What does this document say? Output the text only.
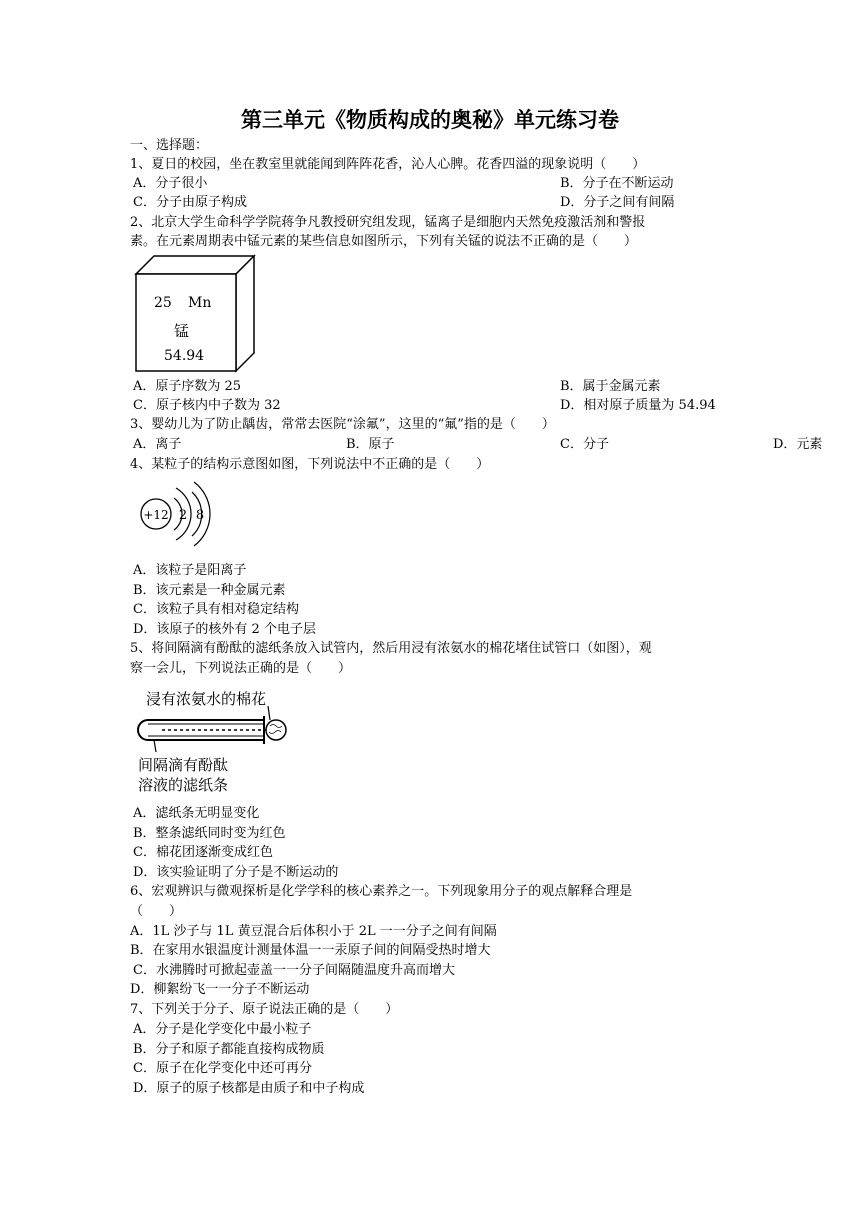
第三单元《物质构成的奥秘》单元练习卷
一、选择题：
1、夏日的校园，坐在教室里就能闻到阵阵花香，沁人心脾。花香四溢的现象说明（　　）
A．分子很小	B．分子在不断运动
C．分子由原子构成	D．分子之间有间隔
2、北京大学生命科学学院蒋争凡教授研究组发现，锰离子是细胞内天然免疫激活剂和警报
素。在元素周期表中锰元素的某些信息如图所示，下列有关锰的说法不正确的是（　　）
25 Mn
锰
54.94
A．原子序数为 25	B．属于金属元素
C．原子核内中子数为 32	D．相对原子质量为 54.94
3、婴幼儿为了防止龋齿，常常去医院“涂氟”，这里的“氟”指的是（　　）
A．离子	B．原子	C．分子	D．元素
4、某粒子的结构示意图如图，下列说法中不正确的是（　　）
+12 2 8
A．该粒子是阳离子
B．该元素是一种金属元素
C．该粒子具有相对稳定结构
D．该原子的核外有 2 个电子层
5、将间隔滴有酚酞的滤纸条放入试管内，然后用浸有浓氨水的棉花堵住试管口（如图），观
察一会儿，下列说法正确的是（　　）
浸有浓氨水的棉花
间隔滴有酚酞
溶液的滤纸条
A．滤纸条无明显变化
B．整条滤纸同时变为红色
C．棉花团逐渐变成红色
D．该实验证明了分子是不断运动的
6、宏观辨识与微观探析是化学学科的核心素养之一。下列现象用分子的观点解释合理是
（　　）
A．1L 沙子与 1L 黄豆混合后体积小于 2L 一一分子之间有间隔
B．在家用水银温度计测量体温一一汞原子间的间隔受热时增大
C．水沸腾时可掀起壶盖一一分子间隔随温度升高而增大
D．柳絮纷飞一一分子不断运动
7、下列关于分子、原子说法正确的是（　　）
A．分子是化学变化中最小粒子
B．分子和原子都能直接构成物质
C．原子在化学变化中还可再分
D．原子的原子核都是由质子和中子构成
